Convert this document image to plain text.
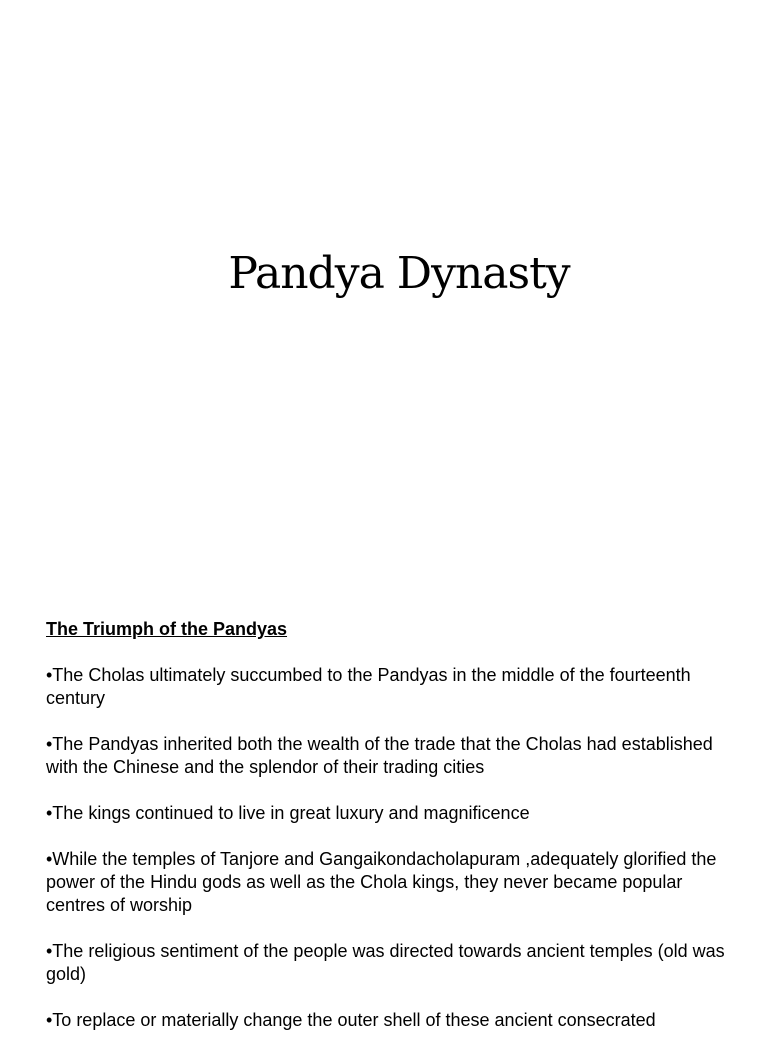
Pandya Dynasty
The Triumph of the Pandyas
•The Cholas ultimately succumbed to the Pandyas in the middle of the fourteenth century
•The Pandyas inherited both the wealth of the trade that the Cholas had established with the Chinese and the splendor of their trading cities
•The kings continued to live in great luxury and magnificence
•While the temples of Tanjore and Gangaikondacholapuram ,adequately glorified the power of the Hindu gods as well as the Chola kings, they never became popular centres of worship
•The religious sentiment of the people was directed towards ancient temples (old was gold)
•To replace or materially change the outer shell of these ancient consecrated
